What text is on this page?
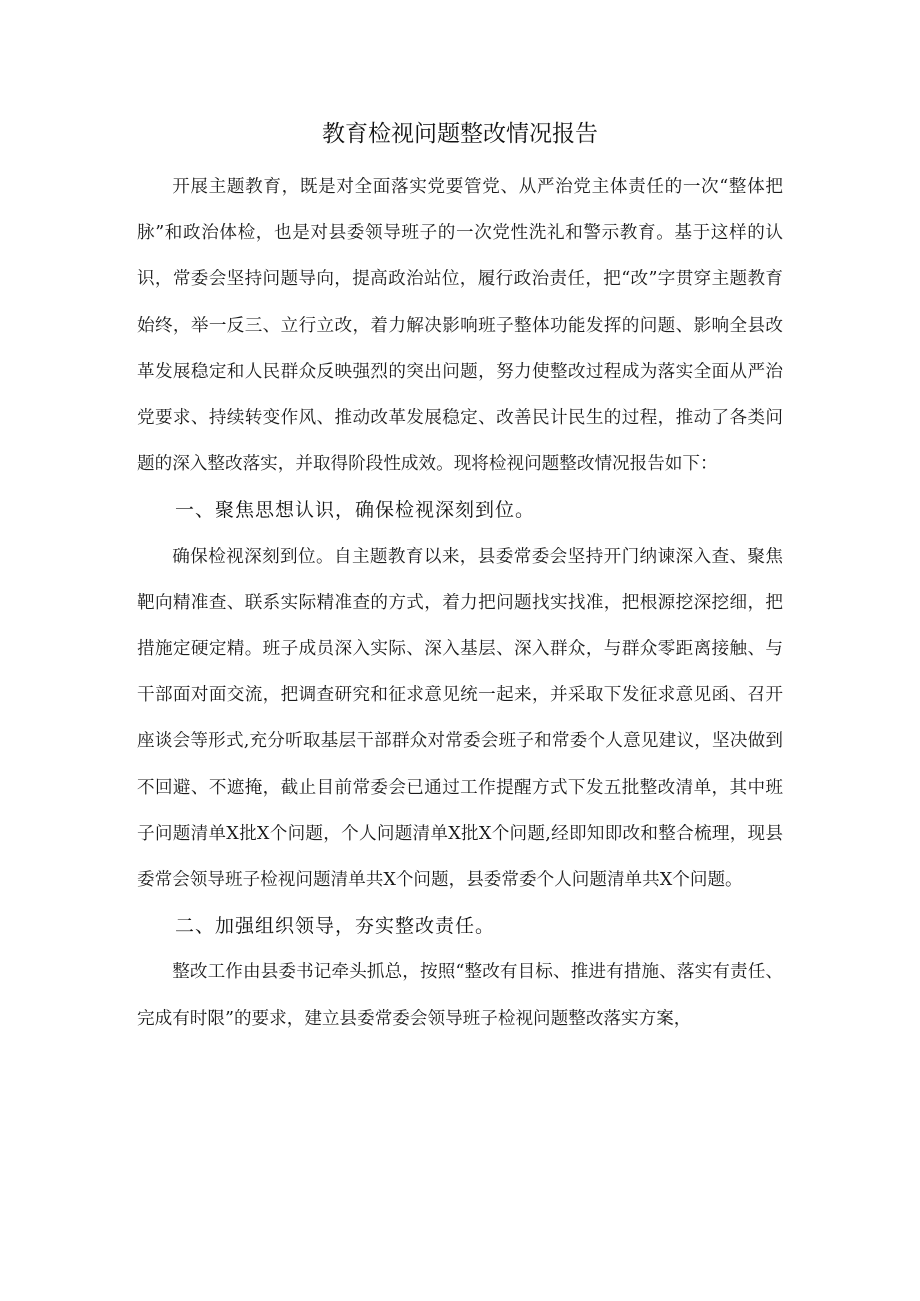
教育检视问题整改情况报告

开展主题教育，既是对全面落实党要管党、从严治党主体责任的一次“整体把脉”和政治体检，也是对县委领导班子的一次党性洗礼和警示教育。基于这样的认识，常委会坚持问题导向，提高政治站位，履行政治责任，把“改”字贯穿主题教育始终，举一反三、立行立改，着力解决影响班子整体功能发挥的问题、影响全县改革发展稳定和人民群众反映强烈的突出问题，努力使整改过程成为落实全面从严治党要求、持续转变作风、推动改革发展稳定、改善民计民生的过程，推动了各类问题的深入整改落实，并取得阶段性成效。现将检视问题整改情况报告如下：

一、聚焦思想认识，确保检视深刻到位。

确保检视深刻到位。自主题教育以来，县委常委会坚持开门纳谏深入查、聚焦靶向精准查、联系实际精准查的方式，着力把问题找实找准，把根源挖深挖细，把措施定硬定精。班子成员深入实际、深入基层、深入群众，与群众零距离接触、与干部面对面交流，把调查研究和征求意见统一起来，并采取下发征求意见函、召开座谈会等形式,充分听取基层干部群众对常委会班子和常委个人意见建议，坚决做到不回避、不遮掩，截止目前常委会已通过工作提醒方式下发五批整改清单，其中班子问题清单X批X个问题，个人问题清单X批X个问题,经即知即改和整合梳理，现县委常会领导班子检视问题清单共X个问题，县委常委个人问题清单共X个问题。

二、加强组织领导，夯实整改责任。

整改工作由县委书记牵头抓总，按照“整改有目标、推进有措施、落实有责任、完成有时限”的要求，建立县委常委会领导班子检视问题整改落实方案，
